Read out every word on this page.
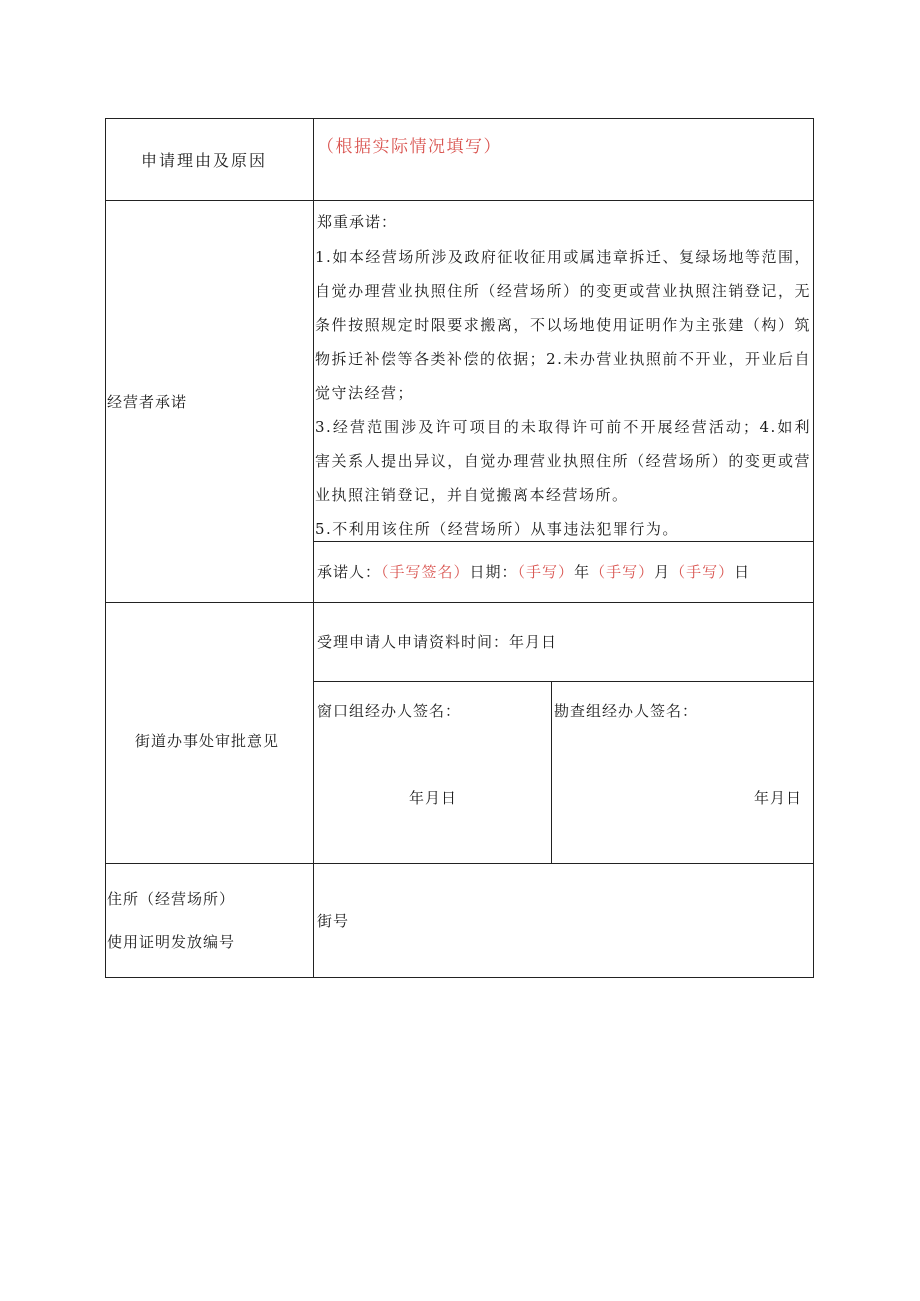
申请理由及原因
（根据实际情况填写）
经营者承诺
郑重承诺：

1.如本经营场所涉及政府征收征用或属违章拆迁、复绿场地等范围，自觉办理营业执照住所（经营场所）的变更或营业执照注销登记，无条件按照规定时限要求搬离，不以场地使用证明作为主张建（构）筑物拆迁补偿等各类补偿的依据；2.未办营业执照前不开业，开业后自觉守法经营；

3.经营范围涉及许可项目的未取得许可前不开展经营活动；4.如利害关系人提出异议，自觉办理营业执照住所（经营场所）的变更或营业执照注销登记，并自觉搬离本经营场所。

5.不利用该住所（经营场所）从事违法犯罪行为。

承诺人：（手写签名）日期：（手写）年（手写）月（手写）日
街道办事处审批意见
受理申请人申请资料时间：年月日
窗口组经办人签名：
年月日
勘查组经办人签名：
年月日
住所（经营场所）
使用证明发放编号
街号
